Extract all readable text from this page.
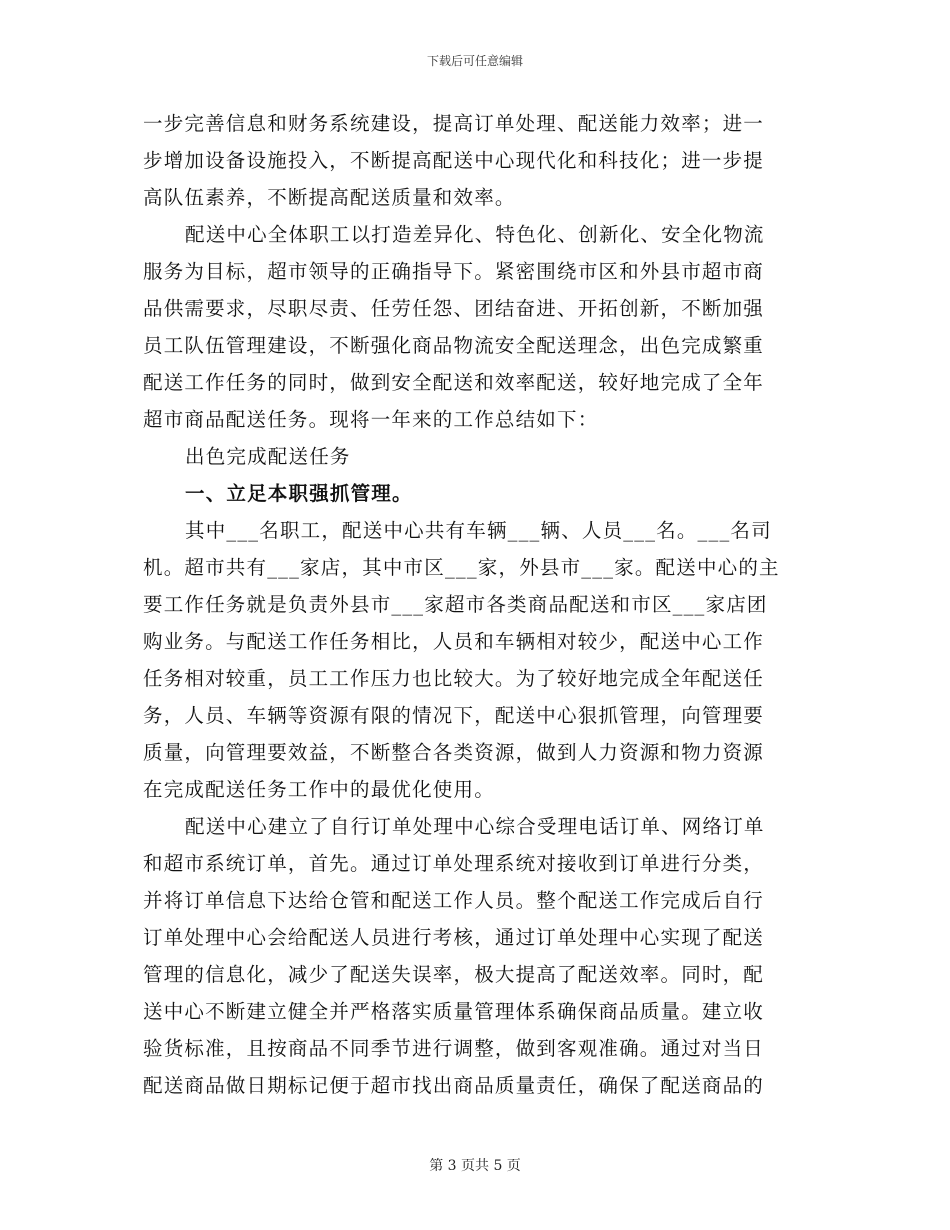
下载后可任意编辑
一步完善信息和财务系统建设，提高订单处理、配送能力效率；进一
步增加设备设施投入，不断提高配送中心现代化和科技化；进一步提
高队伍素养，不断提高配送质量和效率。
配送中心全体职工以打造差异化、特色化、创新化、安全化物流
服务为目标，超市领导的正确指导下。紧密围绕市区和外县市超市商
品供需要求，尽职尽责、任劳任怨、团结奋进、开拓创新，不断加强
员工队伍管理建设，不断强化商品物流安全配送理念，出色完成繁重
配送工作任务的同时，做到安全配送和效率配送，较好地完成了全年
超市商品配送任务。现将一年来的工作总结如下：
出色完成配送任务
一、立足本职强抓管理。
其中___名职工，配送中心共有车辆___辆、人员___名。___名司
机。超市共有___家店，其中市区___家，外县市___家。配送中心的主
要工作任务就是负责外县市___家超市各类商品配送和市区___家店团
购业务。与配送工作任务相比，人员和车辆相对较少，配送中心工作
任务相对较重，员工工作压力也比较大。为了较好地完成全年配送任
务，人员、车辆等资源有限的情况下，配送中心狠抓管理，向管理要
质量，向管理要效益，不断整合各类资源，做到人力资源和物力资源
在完成配送任务工作中的最优化使用。
配送中心建立了自行订单处理中心综合受理电话订单、网络订单
和超市系统订单，首先。通过订单处理系统对接收到订单进行分类，
并将订单信息下达给仓管和配送工作人员。整个配送工作完成后自行
订单处理中心会给配送人员进行考核，通过订单处理中心实现了配送
管理的信息化，减少了配送失误率，极大提高了配送效率。同时，配
送中心不断建立健全并严格落实质量管理体系确保商品质量。建立收
验货标准，且按商品不同季节进行调整，做到客观准确。通过对当日
配送商品做日期标记便于超市找出商品质量责任，确保了配送商品的
第 3 页共 5 页
